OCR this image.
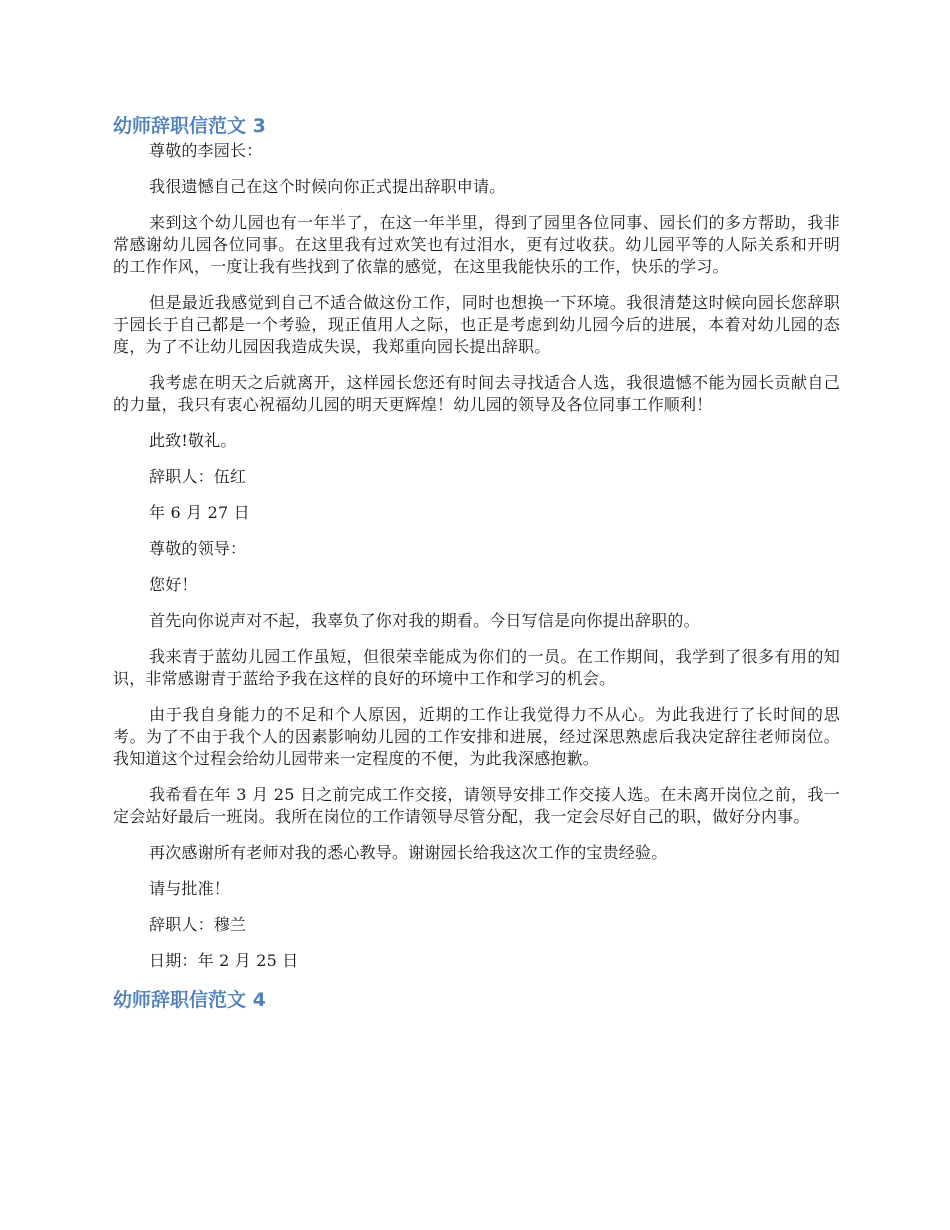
幼师辞职信范文 3

尊敬的李园长：

我很遗憾自己在这个时候向你正式提出辞职申请。

来到这个幼儿园也有一年半了，在这一年半里，得到了园里各位同事、园长们的多方帮助，我非常感谢幼儿园各位同事。在这里我有过欢笑也有过泪水，更有过收获。幼儿园平等的人际关系和开明的工作作风，一度让我有些找到了依靠的感觉，在这里我能快乐的工作，快乐的学习。

但是最近我感觉到自己不适合做这份工作，同时也想换一下环境。我很清楚这时候向园长您辞职于园长于自己都是一个考验，现正值用人之际，也正是考虑到幼儿园今后的进展，本着对幼儿园的态度，为了不让幼儿园因我造成失误，我郑重向园长提出辞职。

我考虑在明天之后就离开，这样园长您还有时间去寻找适合人选，我很遗憾不能为园长贡献自己的力量，我只有衷心祝福幼儿园的明天更辉煌！幼儿园的领导及各位同事工作顺利！

此致!敬礼。

辞职人：伍红

年 6 月 27 日

尊敬的领导：

您好！

首先向你说声对不起，我辜负了你对我的期看。今日写信是向你提出辞职的。

我来青于蓝幼儿园工作虽短，但很荣幸能成为你们的一员。在工作期间，我学到了很多有用的知识，非常感谢青于蓝给予我在这样的良好的环境中工作和学习的机会。

由于我自身能力的不足和个人原因，近期的工作让我觉得力不从心。为此我进行了长时间的思考。为了不由于我个人的因素影响幼儿园的工作安排和进展，经过深思熟虑后我决定辞往老师岗位。我知道这个过程会给幼儿园带来一定程度的不便，为此我深感抱歉。

我希看在年 3 月 25 日之前完成工作交接，请领导安排工作交接人选。在未离开岗位之前，我一定会站好最后一班岗。我所在岗位的工作请领导尽管分配，我一定会尽好自己的职，做好分内事。

再次感谢所有老师对我的悉心教导。谢谢园长给我这次工作的宝贵经验。

请与批准！

辞职人：穆兰

日期：年 2 月 25 日

幼师辞职信范文 4
